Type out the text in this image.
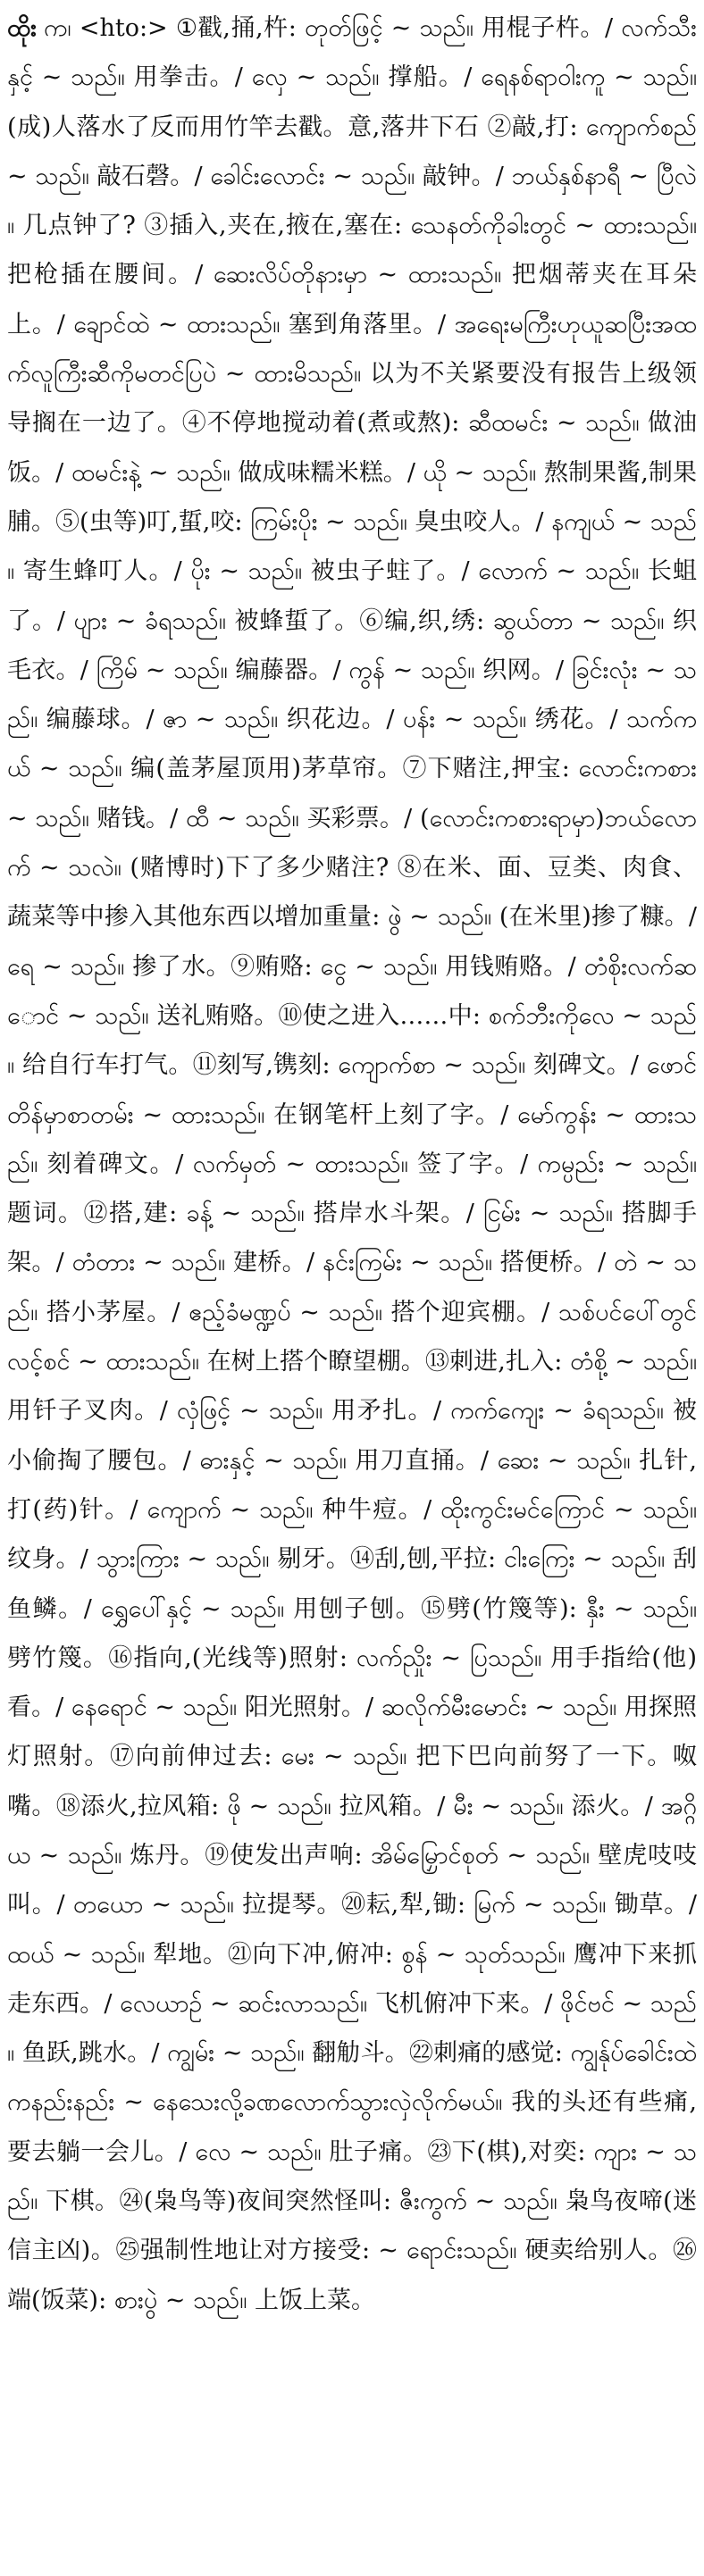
ထိုး က၊ <hto:> ①戳,捅,杵: တုတ်ဖြင့် ~ သည်။ 用棍子杵。/ လက်သီးနှင့် ~ သည်။ 用拳击。/ လှေ ~ သည်။ 撑船。/ ရေနစ်ရာဝါးကူ ~ သည်။ (成)人落水了反而用竹竿去戳。意,落井下石 ②敲,打: ကျောက်စည် ~ သည်။ 敲石磬。/ ခေါင်းလောင်း ~ သည်။ 敲钟。/ ဘယ်နှစ်နာရီ ~ ပြီလဲ။ 几点钟了? ③插入,夹在,掖在,塞在: သေနတ်ကိုခါးတွင် ~ ထားသည်။ 把枪插在腰间。/ ဆေးလိပ်တိုနားမှာ ~ ထားသည်။ 把烟蒂夹在耳朵上。/ ချောင်ထဲ ~ ထားသည်။ 塞到角落里。/ အရေးမကြီးဟုယူဆပြီးအထက်လူကြီးဆီကိုမတင်ပြပဲ ~ ထားမိသည်။ 以为不关紧要没有报告上级领导搁在一边了。④不停地搅动着(煮或熬): ဆီထမင်း ~ သည်။ 做油饭。/ ထမင်းနဲ့ ~ သည်။ 做成味糯米糕。/ ယို ~ သည်။ 熬制果酱,制果脯。⑤(虫等)叮,蜇,咬: ကြမ်းပိုး ~ သည်။ 臭虫咬人。/ နကျယ် ~ သည်။ 寄生蜂叮人。/ ပိုး ~ သည်။ 被虫子蛀了。/ လောက် ~ သည်။ 长蛆了。/ ပျား ~ ခံရသည်။ 被蜂蜇了。⑥编,织,绣: ဆွယ်တာ ~ သည်။ 织毛衣。/ ကြိမ် ~ သည်။ 编藤器。/ ကွန် ~ သည်။ 织网。/ ခြင်းလုံး ~ သည်။ 编藤球。/ ဇာ ~ သည်။ 织花边。/ ပန်း ~ သည်။ 绣花。/ သက်ကယ် ~ သည်။ 编(盖茅屋顶用)茅草帘。⑦下赌注,押宝: လောင်းကစား ~ သည်။ 赌钱。/ ထီ ~ သည်။ 买彩票。/ (လောင်းကစားရာမှာ)ဘယ်လောက် ~ သလဲ။ (赌博时)下了多少赌注? ⑧在米、面、豆类、肉食、蔬菜等中掺入其他东西以增加重量: ဖွဲ ~ သည်။ (在米里)掺了糠。/ ရေ ~ သည်။ 掺了水。⑨贿赂: ငွေ ~ သည်။ 用钱贿赂。/ တံစိုးလက်ဆောင် ~ သည်။ 送礼贿赂。⑩使之进入……中: စက်ဘီးကိုလေ ~ သည်။ 给自行车打气。⑪刻写,镌刻: ကျောက်စာ ~ သည်။ 刻碑文。/ ဖောင်တိန်မှာစာတမ်း ~ ထားသည်။ 在钢笔杆上刻了字。/ မော်ကွန်း ~ ထားသည်။ 刻着碑文。/ လက်မှတ် ~ ထားသည်။ 签了字。/ ကမ္ပည်း ~ သည်။ 题词。⑫搭,建: ခန့် ~ သည်။ 搭岸水斗架。/ ငြမ်း ~ သည်။ 搭脚手架。/ တံတား ~ သည်။ 建桥。/ နင်းကြမ်း ~ သည်။ 搭便桥。/ တဲ ~ သည်။ 搭小茅屋。/ ဧည့်ခံမဏ္ဍပ် ~ သည်။ 搭个迎宾棚。/ သစ်ပင်ပေါ်တွင်လင့်စင် ~ ထားသည်။ 在树上搭个瞭望棚。⑬刺进,扎入: တံစို့ ~ သည်။ 用钎子叉肉。/ လှံဖြင့် ~ သည်။ 用矛扎。/ ကက်ကျေး ~ ခံရသည်။ 被小偷掏了腰包。/ ဓားနှင့် ~ သည်။ 用刀直捅。/ ဆေး ~ သည်။ 扎针,打(药)针。/ ကျောက် ~ သည်။ 种牛痘。/ ထိုးကွင်းမင်ကြောင် ~ သည်။ 纹身。/ သွားကြား ~ သည်။ 剔牙。⑭刮,刨,平拉: ငါးကြေး ~ သည်။ 刮鱼鳞。/ ရွှေပေါ်နှင့် ~ သည်။ 用刨子刨。⑮劈(竹篾等): နှီး ~ သည်။ 劈竹篾。⑯指向,(光线等)照射: လက်ညှိုး ~ ပြသည်။ 用手指给(他)看。/ နေရောင် ~ သည်။ 阳光照射。/ ဆလိုက်မီးမောင်း ~ သည်။ 用探照灯照射。⑰向前伸过去: မေး ~ သည်။ 把下巴向前努了一下。呶嘴。⑱添火,拉风箱: ဖို ~ သည်။ 拉风箱。/ မီး ~ သည်။ 添火。/ အဂ္ဂိယ ~ သည်။ 炼丹。⑲使发出声响: အိမ်မြှောင်စုတ် ~ သည်။ 壁虎吱吱叫。/ တယော ~ သည်။ 拉提琴。⑳耘,犁,锄: မြက် ~ သည်။ 锄草。/ ထယ် ~ သည်။ 犁地。㉑向下冲,俯冲: စွန် ~ သုတ်သည်။ 鹰冲下来抓走东西。/ လေယာဉ် ~ ဆင်းလာသည်။ 飞机俯冲下来。/ ဖိုင်ဗင် ~ သည်။ 鱼跃,跳水。/ ကျွမ်း ~ သည်။ 翻觔斗。㉒刺痛的感觉: ကျွန်ုပ်ခေါင်းထဲကနည်းနည်း ~ နေသေးလို့ခဏလောက်သွားလှဲလိုက်မယ်။ 我的头还有些痛,要去躺一会儿。/ လေ ~ သည်။ 肚子痛。㉓下(棋),对奕: ကျား ~ သည်။ 下棋。㉔(枭鸟等)夜间突然怪叫: ဇီးကွက် ~ သည်။ 枭鸟夜啼(迷信主凶)。㉕强制性地让对方接受: ~ ရောင်းသည်။ 硬卖给别人。㉖端(饭菜): စားပွဲ ~ သည်။ 上饭上菜。
